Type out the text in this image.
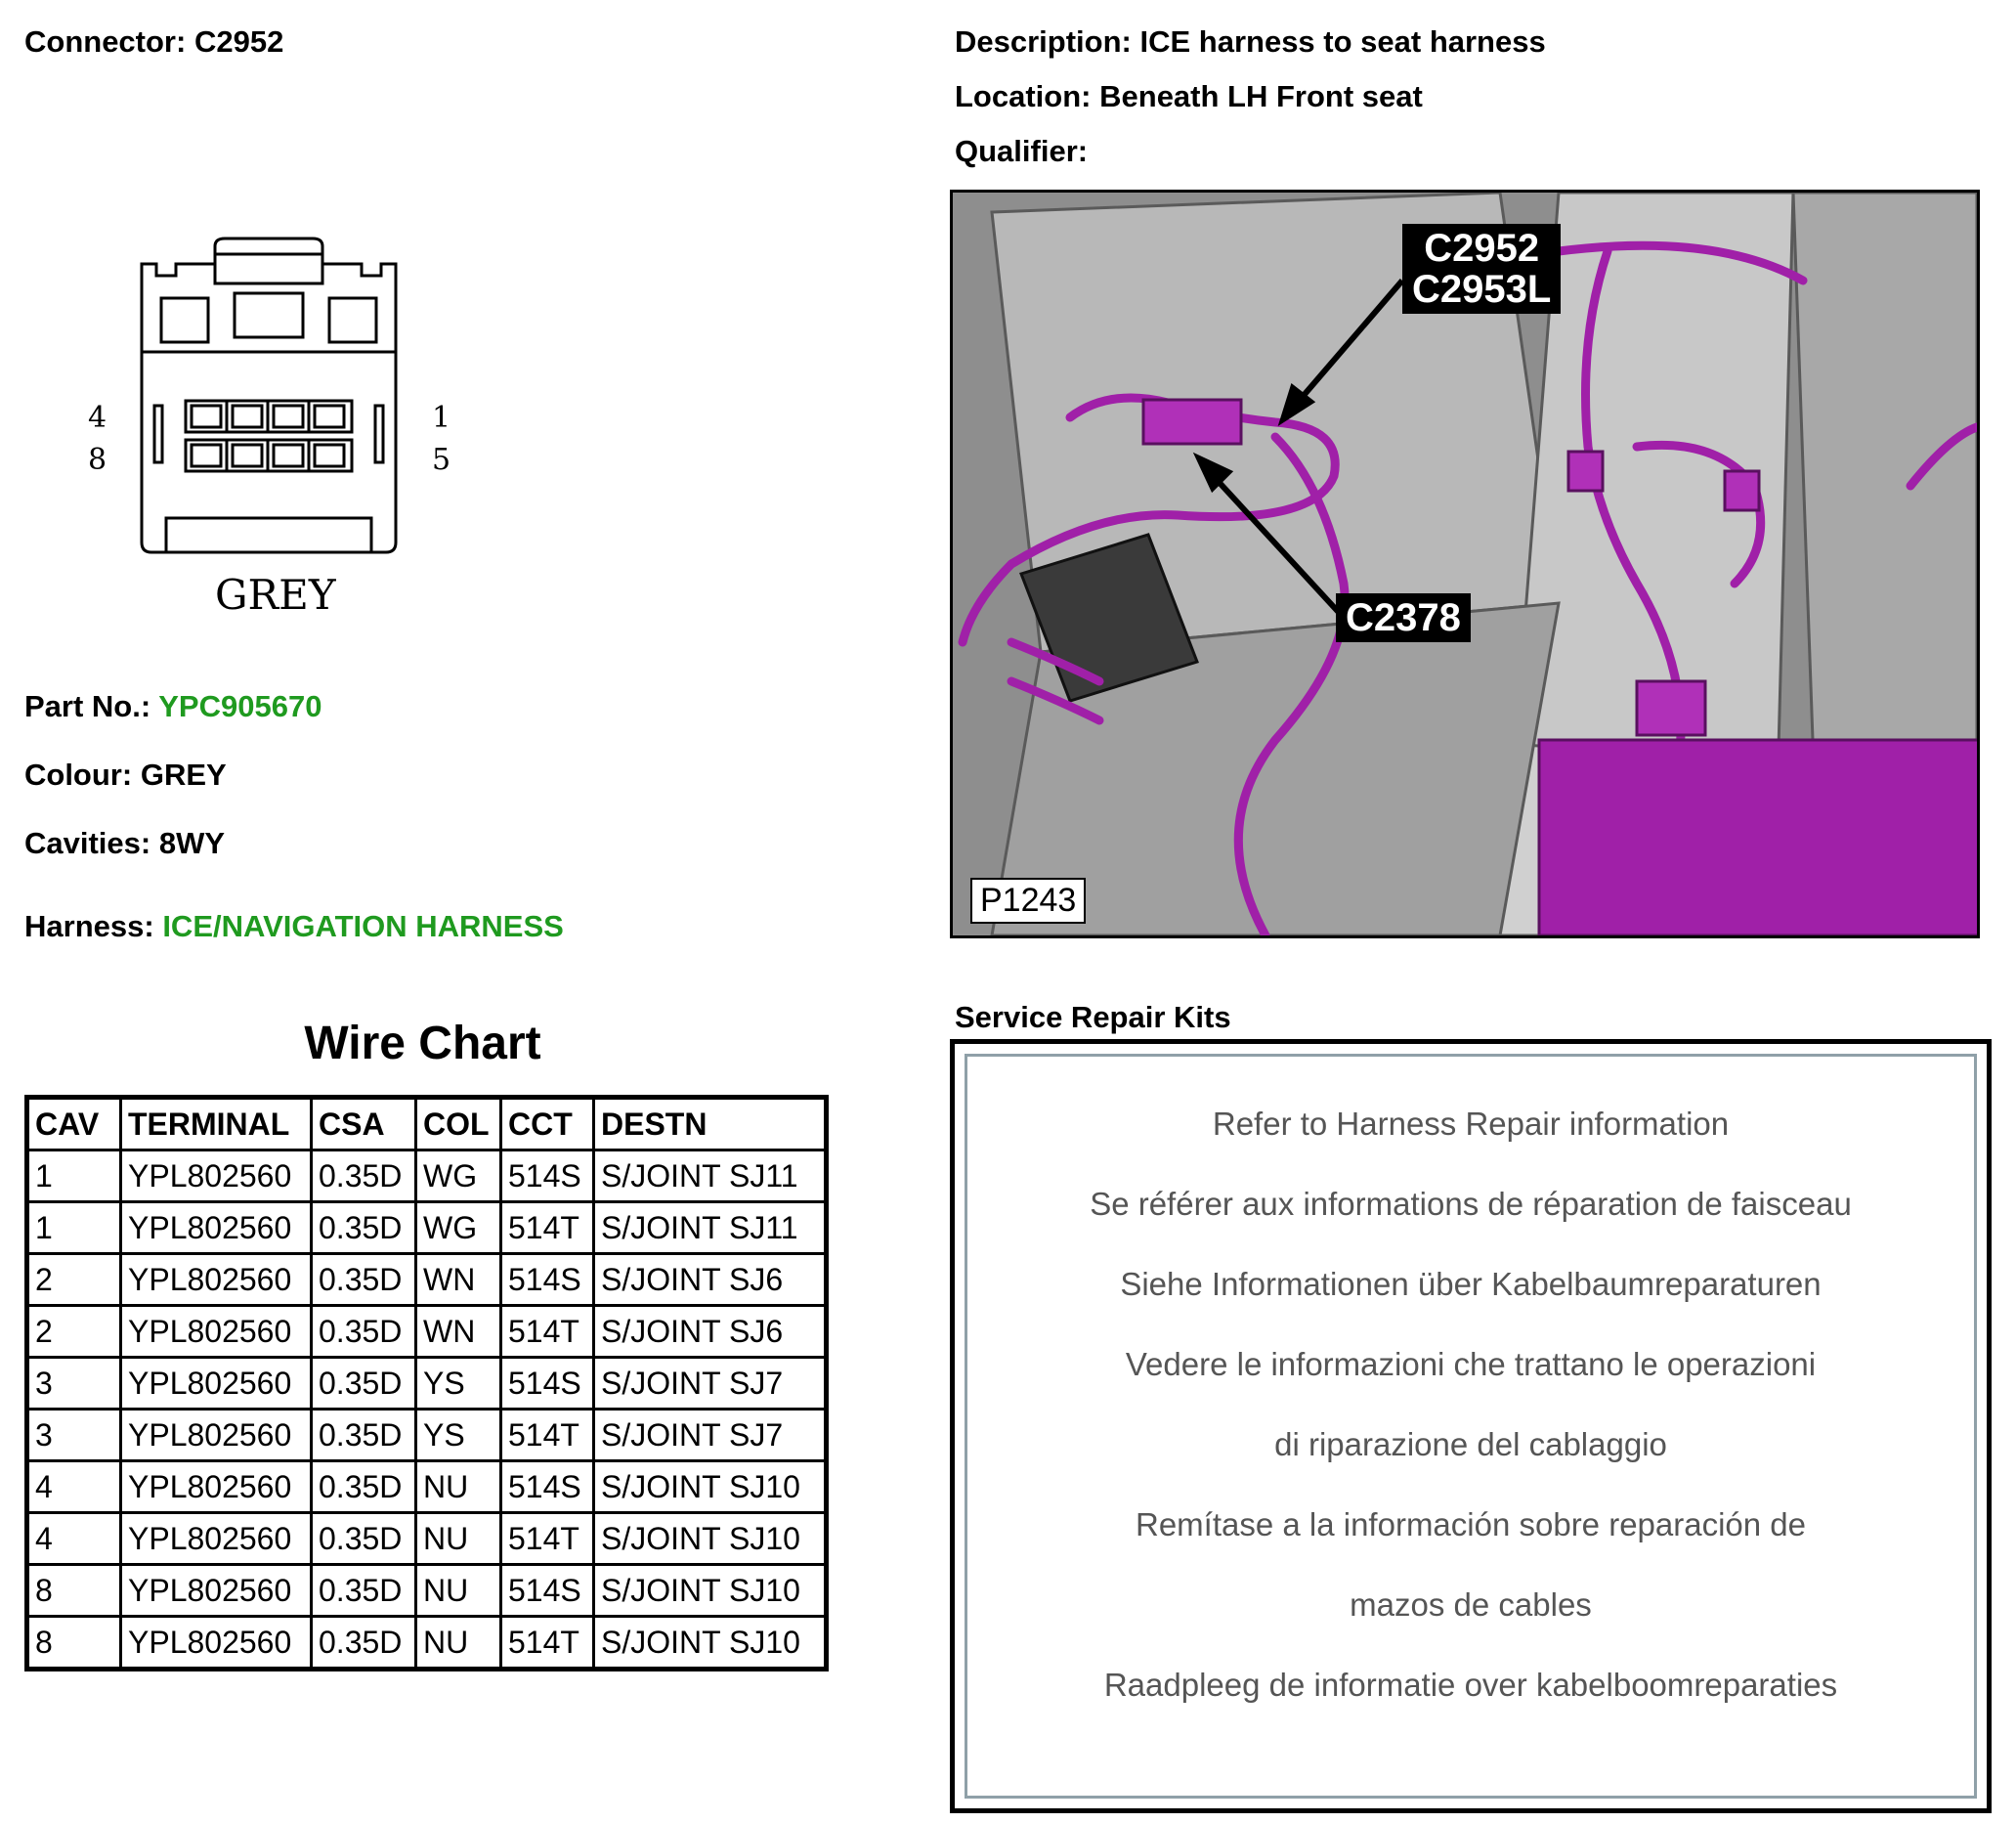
Connector: C2952	Description: ICE harness to seat harness
Location: Beneath LH Front seat
Qualifier:
4
8
1
5
GREY
Part No.: YPC905670
Colour: GREY
Cavities: 8WY
Harness: ICE/NAVIGATION HARNESS
Wire Chart
CAV	TERMINAL	CSA	COL	CCT	DESTN
1	YPL802560	0.35D	WG	514S	S/JOINT SJ11
1	YPL802560	0.35D	WG	514T	S/JOINT SJ11
2	YPL802560	0.35D	WN	514S	S/JOINT SJ6
2	YPL802560	0.35D	WN	514T	S/JOINT SJ6
3	YPL802560	0.35D	YS	514S	S/JOINT SJ7
3	YPL802560	0.35D	YS	514T	S/JOINT SJ7
4	YPL802560	0.35D	NU	514S	S/JOINT SJ10
4	YPL802560	0.35D	NU	514T	S/JOINT SJ10
8	YPL802560	0.35D	NU	514S	S/JOINT SJ10
8	YPL802560	0.35D	NU	514T	S/JOINT SJ10
C2952
C2953L
C2378
P1243
Service Repair Kits
Refer to Harness Repair information
Se référer aux informations de réparation de faisceau
Siehe Informationen über Kabelbaumreparaturen
Vedere le informazioni che trattano le operazioni
di riparazione del cablaggio
Remítase a la información sobre reparación de
mazos de cables
Raadpleeg de informatie over kabelboomreparaties
